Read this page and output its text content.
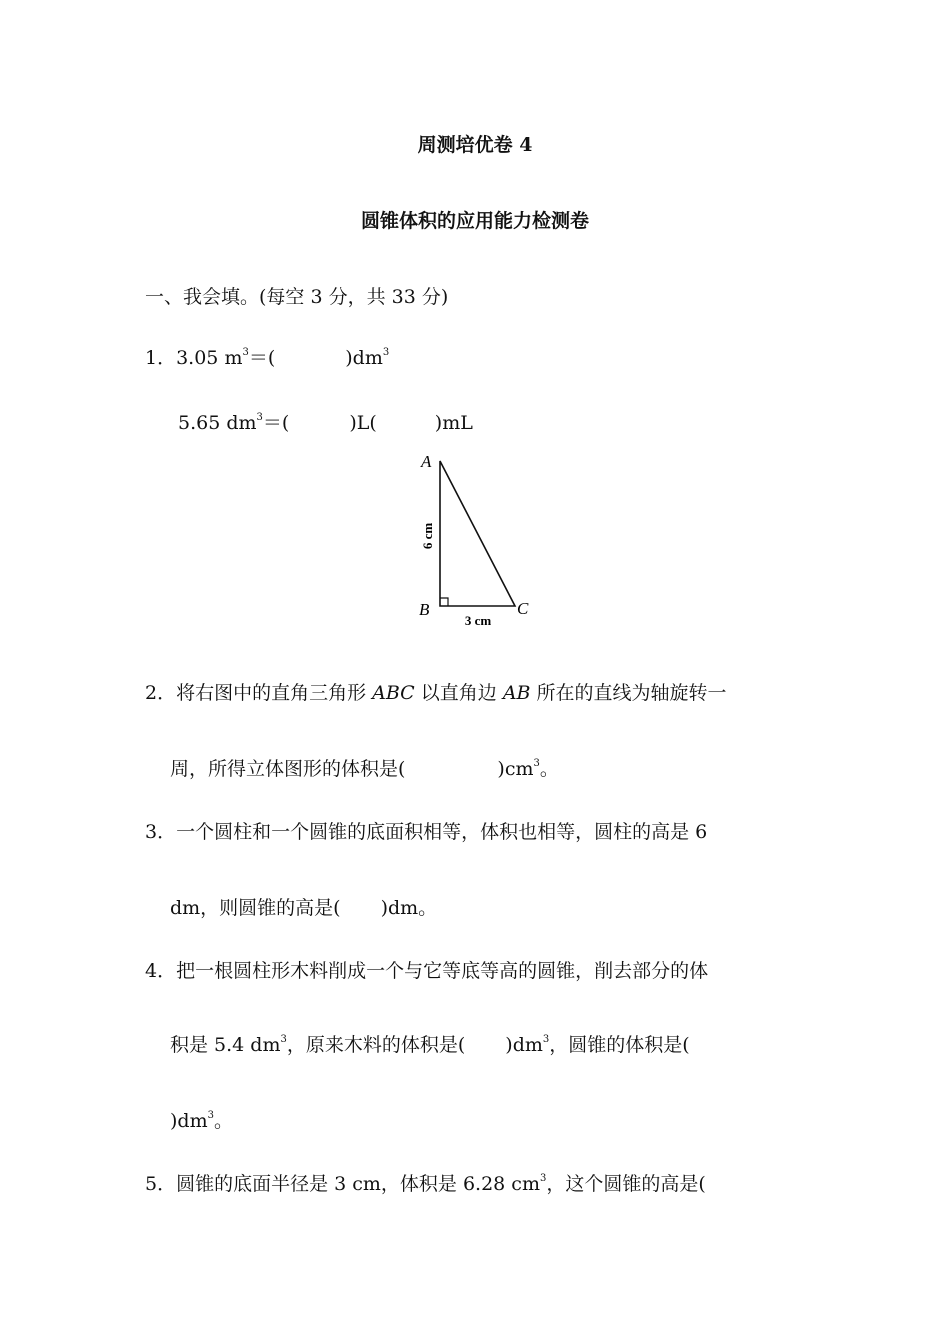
周测培优卷 4
圆锥体积的应用能力检测卷
一、我会填。(每空 3 分，共 33 分)
1．3.05 $m^3=$(	)$dm^3$
5.65 $dm^3=$(	)L(	)mL
A
B	C
6 cm
3 cm
2．将右图中的直角三角形 ABC 以直角边 AB 所在的直线为轴旋转一
周，所得立体图形的体积是(	)$cm^3$。
3．一个圆柱和一个圆锥的底面积相等，体积也相等，圆柱的高是 6
dm，则圆锥的高是( )dm。
4．把一根圆柱形木料削成一个与它等底等高的圆锥，削去部分的体
积是 5.4 $dm^3$，原来木料的体积是( )$dm^3$，圆锥的体积是(
)$dm^3$。
5．圆锥的底面半径是 3 cm，体积是 6.28 $cm^3$，这个圆锥的高是(
